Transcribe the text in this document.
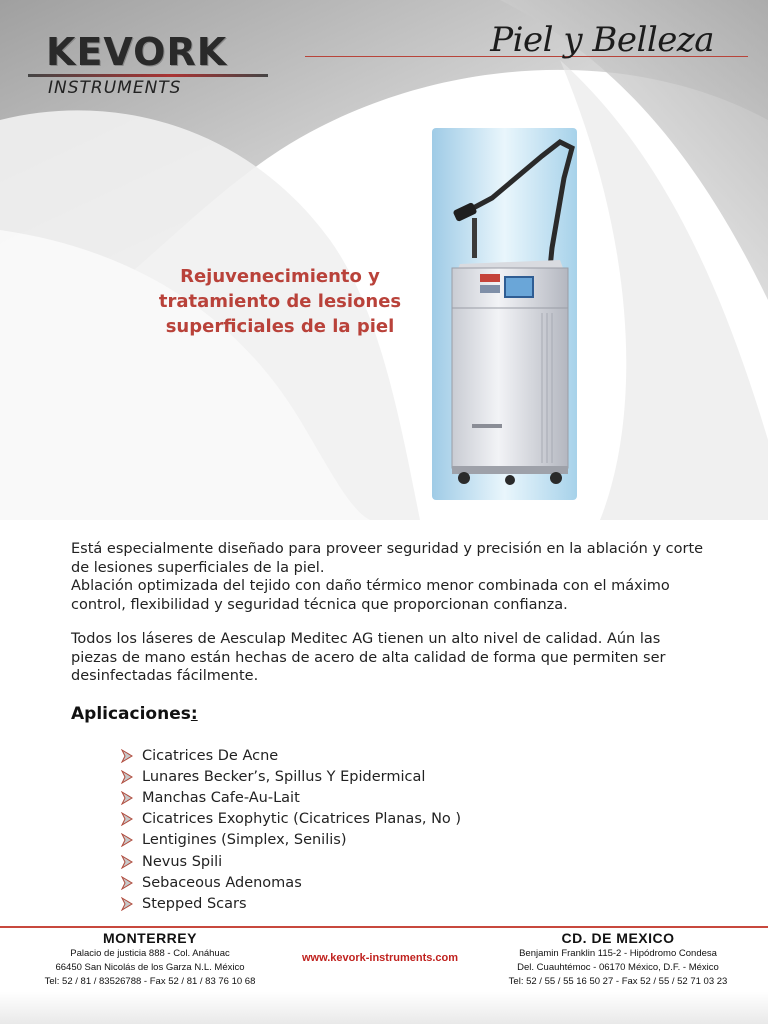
KEVORK
INSTRUMENTS
Piel y Belleza
Rejuvenecimiento y tratamiento de lesiones superficiales de la piel
Está especialmente diseñado para proveer seguridad y precisión en la ablación y corte de lesiones superficiales de la piel.
Ablación optimizada del tejido con daño térmico menor combinada con el máximo control, flexibilidad y seguridad técnica que proporcionan confianza.
Todos los láseres de Aesculap Meditec AG tienen un alto nivel de calidad. Aún las piezas de mano están hechas de acero de alta calidad de forma que permiten ser desinfectadas fácilmente.
Aplicaciones:
Cicatrices De Acne
Lunares Becker’s, Spillus Y Epidermical
Manchas Cafe-Au-Lait
Cicatrices Exophytic (Cicatrices Planas, No )
Lentigines (Simplex, Senilis)
Nevus Spili
Sebaceous Adenomas
Stepped Scars
MONTERREY
Palacio de justicia 888 - Col. Anáhuac
66450 San Nicolás de los Garza N.L. México
Tel: 52 / 81 / 83526788 - Fax 52 / 81 / 83 76 10 68
www.kevork-instruments.com
CD. DE MEXICO
Benjamin Franklin 115-2 - Hipódromo Condesa
Del. Cuauhtémoc - 06170 México, D.F. - México
Tel: 52 / 55 / 55 16 50 27 - Fax 52 / 55 / 52 71 03 23
